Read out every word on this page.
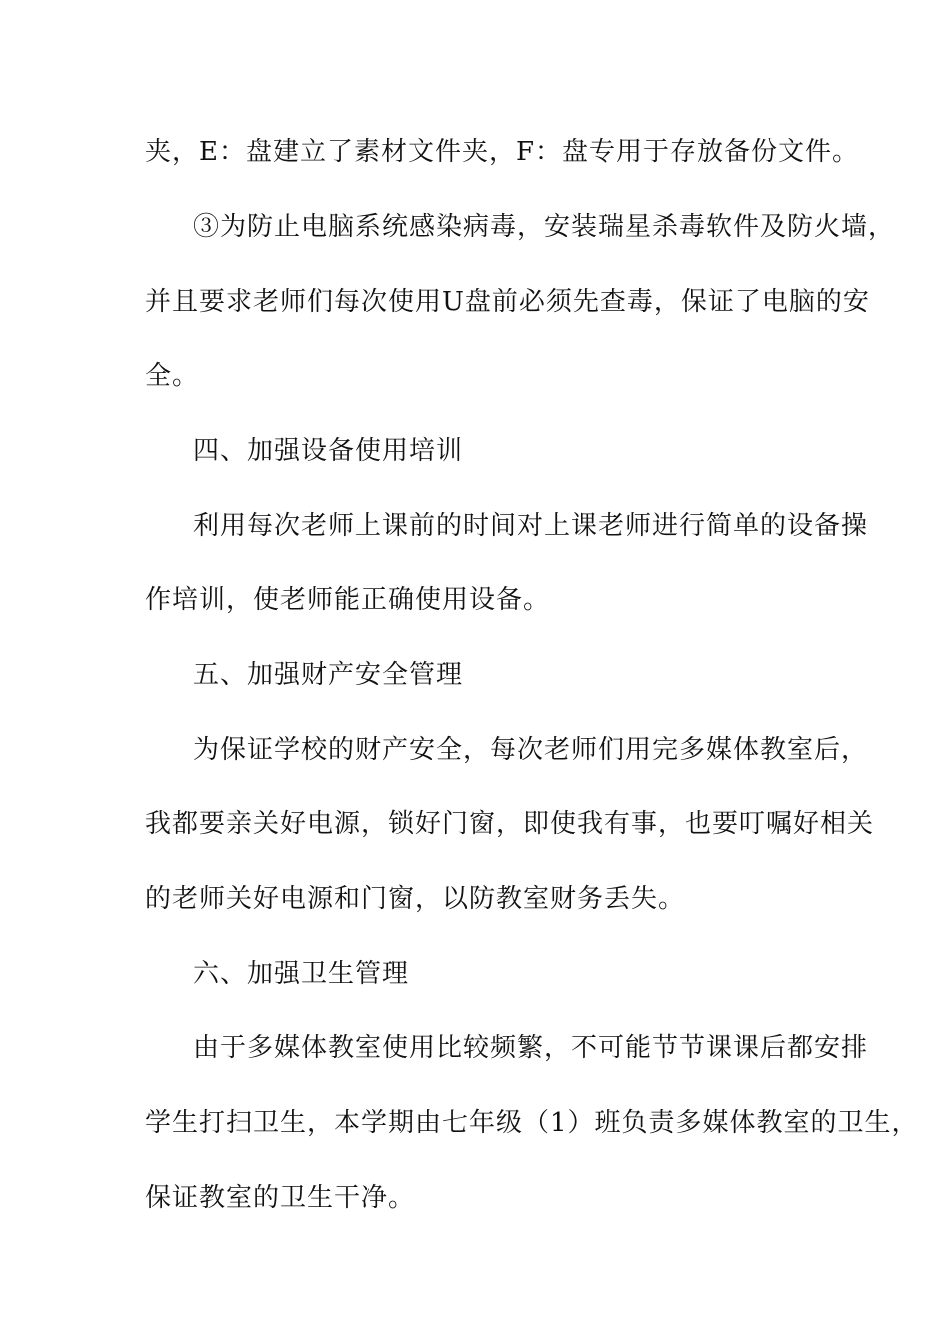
夹，E：盘建立了素材文件夹，F：盘专用于存放备份文件。
③为防止电脑系统感染病毒，安装瑞星杀毒软件及防火墙，
并且要求老师们每次使用U盘前必须先查毒，保证了电脑的安
全。
四、加强设备使用培训
利用每次老师上课前的时间对上课老师进行简单的设备操
作培训，使老师能正确使用设备。
五、加强财产安全管理
为保证学校的财产安全，每次老师们用完多媒体教室后，
我都要亲关好电源，锁好门窗，即使我有事，也要叮嘱好相关
的老师关好电源和门窗，以防教室财务丢失。
六、加强卫生管理
由于多媒体教室使用比较频繁，不可能节节课课后都安排
学生打扫卫生，本学期由七年级（1）班负责多媒体教室的卫生，
保证教室的卫生干净。
